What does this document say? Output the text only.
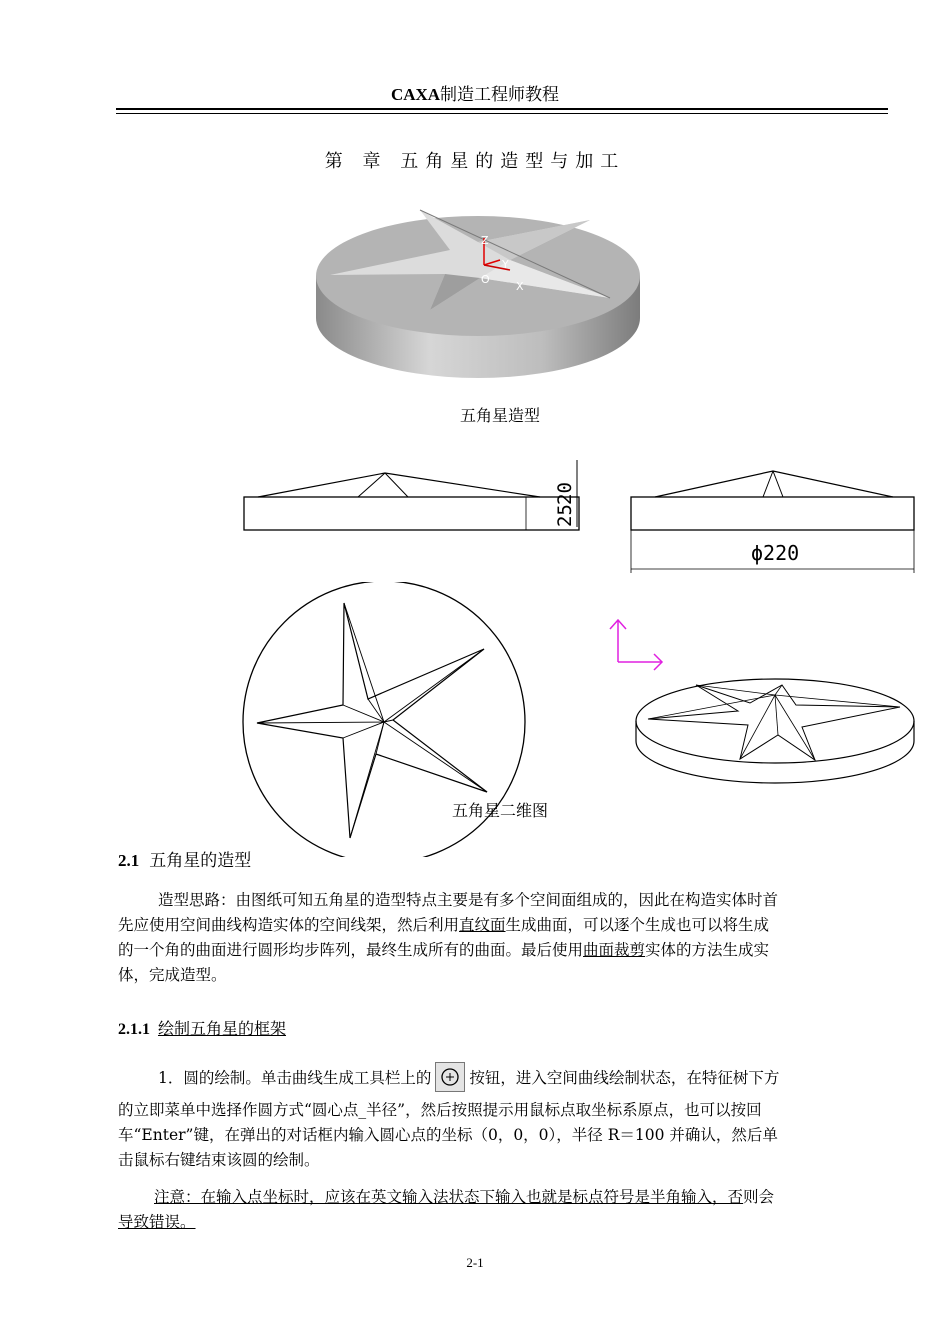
CAXA制造工程师教程
第 章 五角星的造型与加工
Z
Y
O
X
五角星造型
20
25
ϕ220
五角星二维图
2.1 五角星的造型
造型思路：由图纸可知五角星的造型特点主要是有多个空间面组成的，因此在构造实体时首
先应使用空间曲线构造实体的空间线架，然后利用直纹面生成曲面，可以逐个生成也可以将生成
的一个角的曲面进行圆形均步阵列，最终生成所有的曲面。最后使用曲面裁剪实体的方法生成实
体，完成造型。
2.1.1 绘制五角星的框架
1．圆的绘制。单击曲线生成工具栏上的 按钮，进入空间曲线绘制状态，在特征树下方
的立即菜单中选择作圆方式“圆心点_半径”，然后按照提示用鼠标点取坐标系原点，也可以按回
车“Enter”键，在弹出的对话框内输入圆心点的坐标（0，0，0），半径 R＝100 并确认，然后单
击鼠标右键结束该圆的绘制。
注意：在输入点坐标时，应该在英文输入法状态下输入也就是标点符号是半角输入，否则会
导致错误。
2-1
